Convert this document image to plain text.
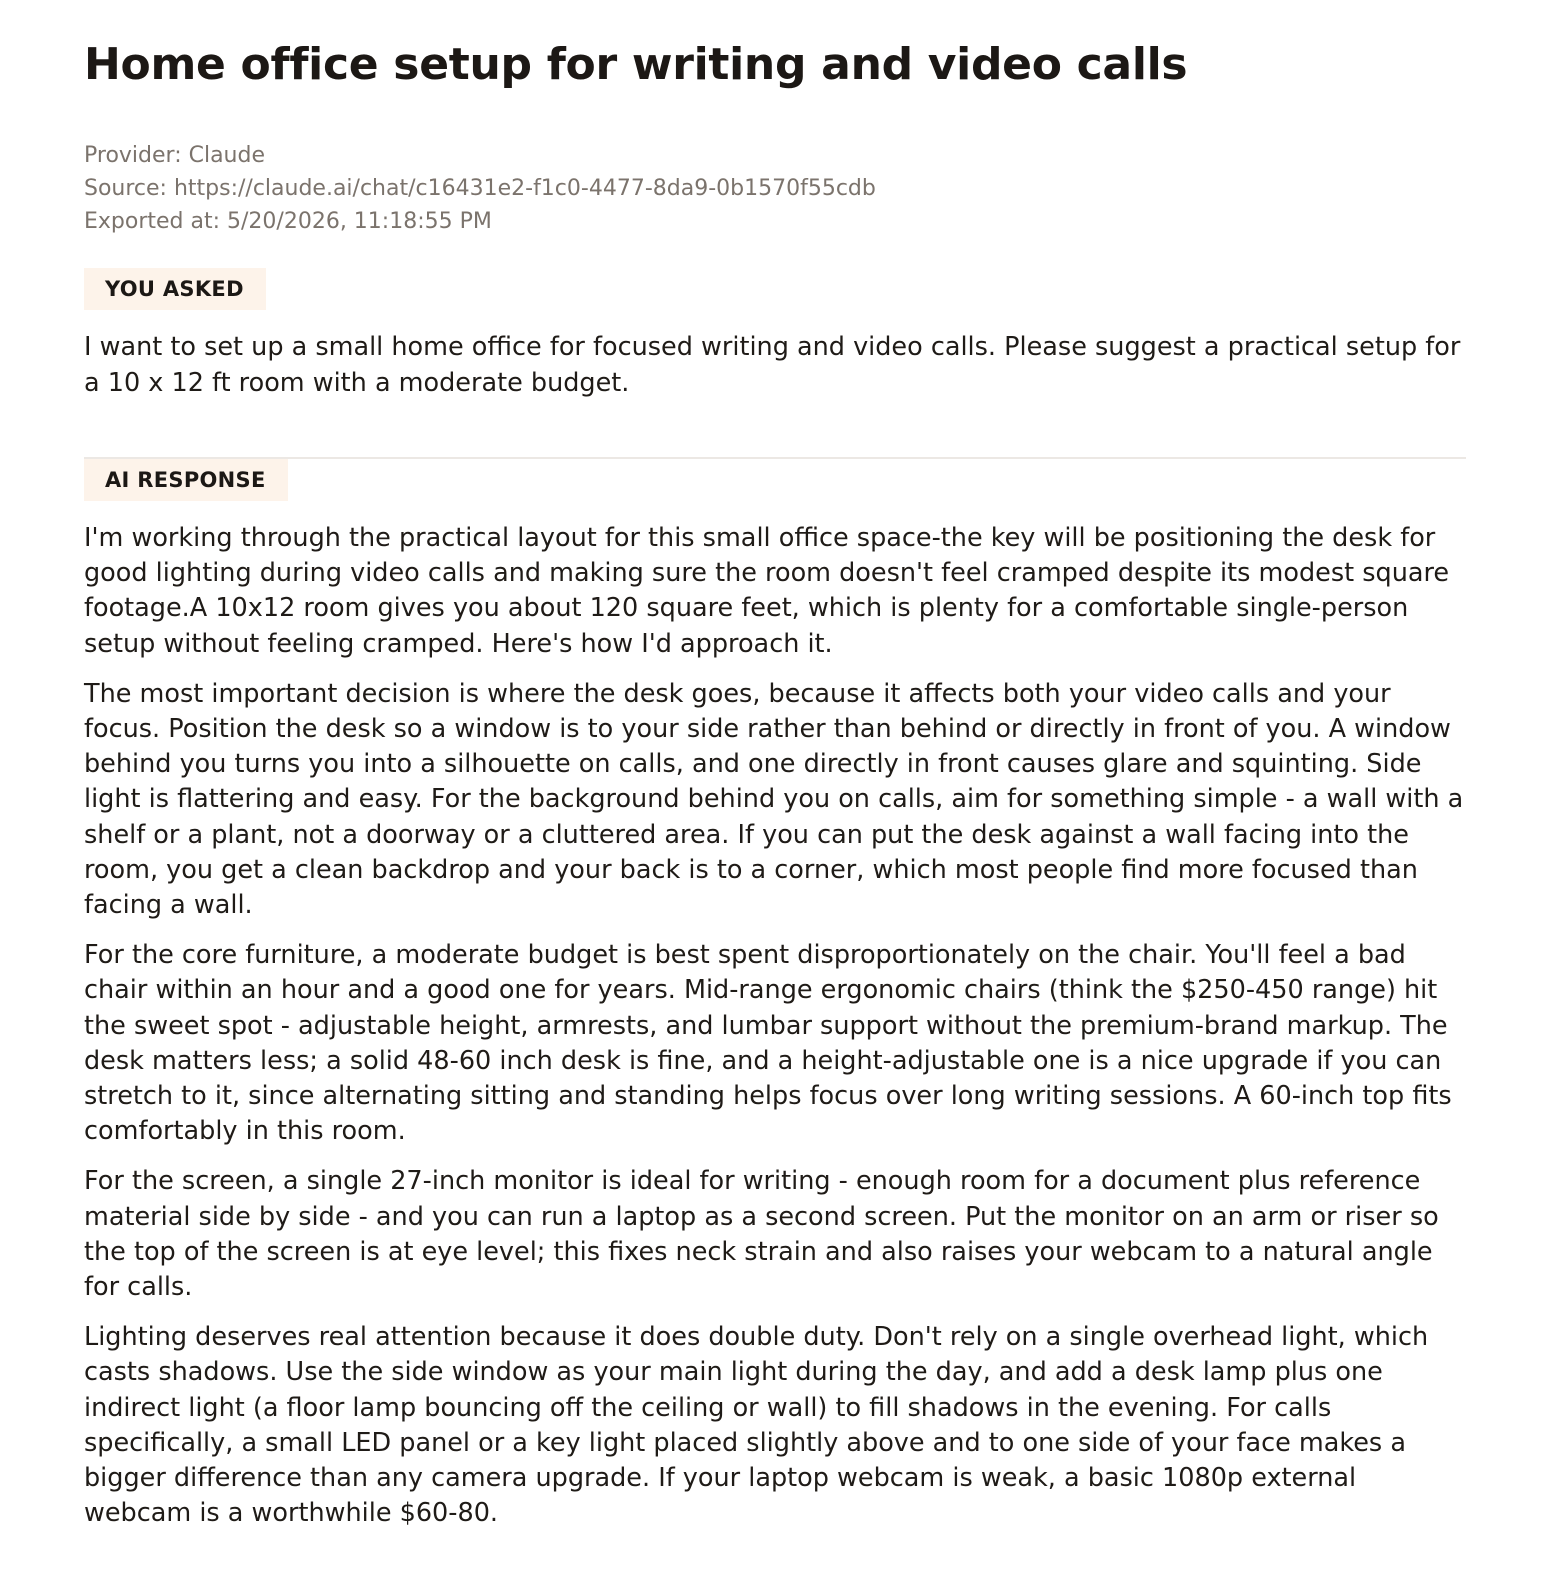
Home office setup for writing and video calls
Provider: Claude
Source: https://claude.ai/chat/c16431e2-f1c0-4477-8da9-0b1570f55cdb
Exported at: 5/20/2026, 11:18:55 PM
YOU ASKED

I want to set up a small home office for focused writing and video calls. Please suggest a practical setup for a 10 x 12 ft room with a moderate budget.

AI RESPONSE

I'm working through the practical layout for this small office space-the key will be positioning the desk for good lighting during video calls and making sure the room doesn't feel cramped despite its modest square footage.A 10x12 room gives you about 120 square feet, which is plenty for a comfortable single-person setup without feeling cramped. Here's how I'd approach it.

The most important decision is where the desk goes, because it affects both your video calls and your focus. Position the desk so a window is to your side rather than behind or directly in front of you. A window behind you turns you into a silhouette on calls, and one directly in front causes glare and squinting. Side light is flattering and easy. For the background behind you on calls, aim for something simple - a wall with a shelf or a plant, not a doorway or a cluttered area. If you can put the desk against a wall facing into the room, you get a clean backdrop and your back is to a corner, which most people find more focused than facing a wall.

For the core furniture, a moderate budget is best spent disproportionately on the chair. You'll feel a bad chair within an hour and a good one for years. Mid-range ergonomic chairs (think the $250-450 range) hit the sweet spot - adjustable height, armrests, and lumbar support without the premium-brand markup. The desk matters less; a solid 48-60 inch desk is fine, and a height-adjustable one is a nice upgrade if you can stretch to it, since alternating sitting and standing helps focus over long writing sessions. A 60-inch top fits comfortably in this room.

For the screen, a single 27-inch monitor is ideal for writing - enough room for a document plus reference material side by side - and you can run a laptop as a second screen. Put the monitor on an arm or riser so the top of the screen is at eye level; this fixes neck strain and also raises your webcam to a natural angle for calls.

Lighting deserves real attention because it does double duty. Don't rely on a single overhead light, which casts shadows. Use the side window as your main light during the day, and add a desk lamp plus one indirect light (a floor lamp bouncing off the ceiling or wall) to fill shadows in the evening. For calls specifically, a small LED panel or a key light placed slightly above and to one side of your face makes a bigger difference than any camera upgrade. If your laptop webcam is weak, a basic 1080p external webcam is a worthwhile $60-80.
